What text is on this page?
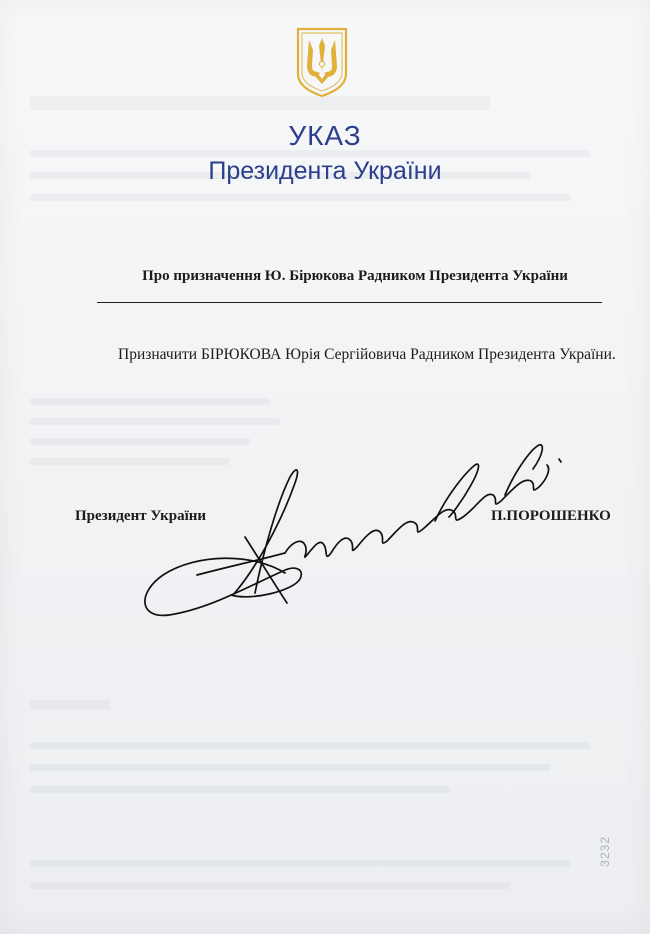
УКАЗ
Президента України
Про призначення Ю. Бірюкова Радником Президента України
Призначити БІРЮКОВА Юрія Сергійовича Радником Президента України.
Президент України	П.ПОРОШЕНКО
3232
